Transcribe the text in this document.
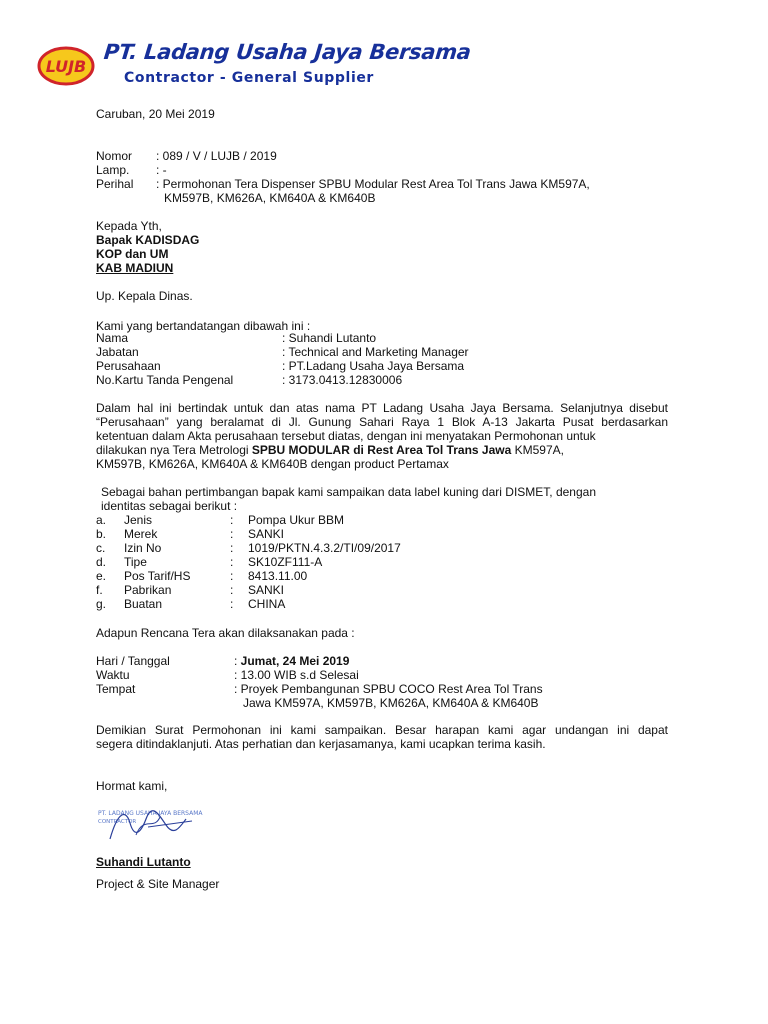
LUJB
PT. Ladang Usaha Jaya Bersama
Contractor - General Supplier
Caruban, 20 Mei 2019
Nomor : 089 / V / LUJB / 2019
Lamp. : -
Perihal : Permohonan Tera Dispenser SPBU Modular Rest Area Tol Trans Jawa KM597A,
KM597B, KM626A, KM640A & KM640B
Kepada Yth,
Bapak KADISDAG
KOP dan UM
KAB MADIUN
Up. Kepala Dinas.
Kami yang bertandatangan dibawah ini :
Nama	: Suhandi Lutanto
Jabatan	: Technical and Marketing Manager
Perusahaan	: PT.Ladang Usaha Jaya Bersama
No.Kartu Tanda Pengenal	: 3173.0413.12830006
Dalam hal ini bertindak untuk dan atas nama PT Ladang Usaha Jaya Bersama. Selanjutnya disebut
“Perusahaan” yang beralamat di Jl. Gunung Sahari Raya 1 Blok A-13 Jakarta Pusat berdasarkan
ketentuan dalam Akta perusahaan tersebut diatas, dengan ini menyatakan Permohonan untuk
dilakukan nya Tera Metrologi SPBU MODULAR di Rest Area Tol Trans Jawa KM597A,
KM597B, KM626A, KM640A & KM640B dengan product Pertamax
Sebagai bahan pertimbangan bapak kami sampaikan data label kuning dari DISMET, dengan
identitas sebagai berikut :
a. Jenis	: Pompa Ukur BBM
b. Merek	: SANKI
c. Izin No	: 1019/PKTN.4.3.2/TI/09/2017
d. Tipe	: SK10ZF111-A
e. Pos Tarif/HS	: 8413.11.00
f. Pabrikan	: SANKI
g. Buatan	: CHINA
Adapun Rencana Tera akan dilaksanakan pada :
Hari / Tanggal	: Jumat, 24 Mei 2019
Waktu	: 13.00 WIB s.d Selesai
Tempat	: Proyek Pembangunan SPBU COCO Rest Area Tol Trans
Jawa KM597A, KM597B, KM626A, KM640A & KM640B
Demikian Surat Permohonan ini kami sampaikan. Besar harapan kami agar undangan ini dapat
segera ditindaklanjuti. Atas perhatian dan kerjasamanya, kami ucapkan terima kasih.
Hormat kami,
PT. LADANG USAHA JAYA BERSAMA
CONTRACTOR
Suhandi Lutanto
Project & Site Manager
